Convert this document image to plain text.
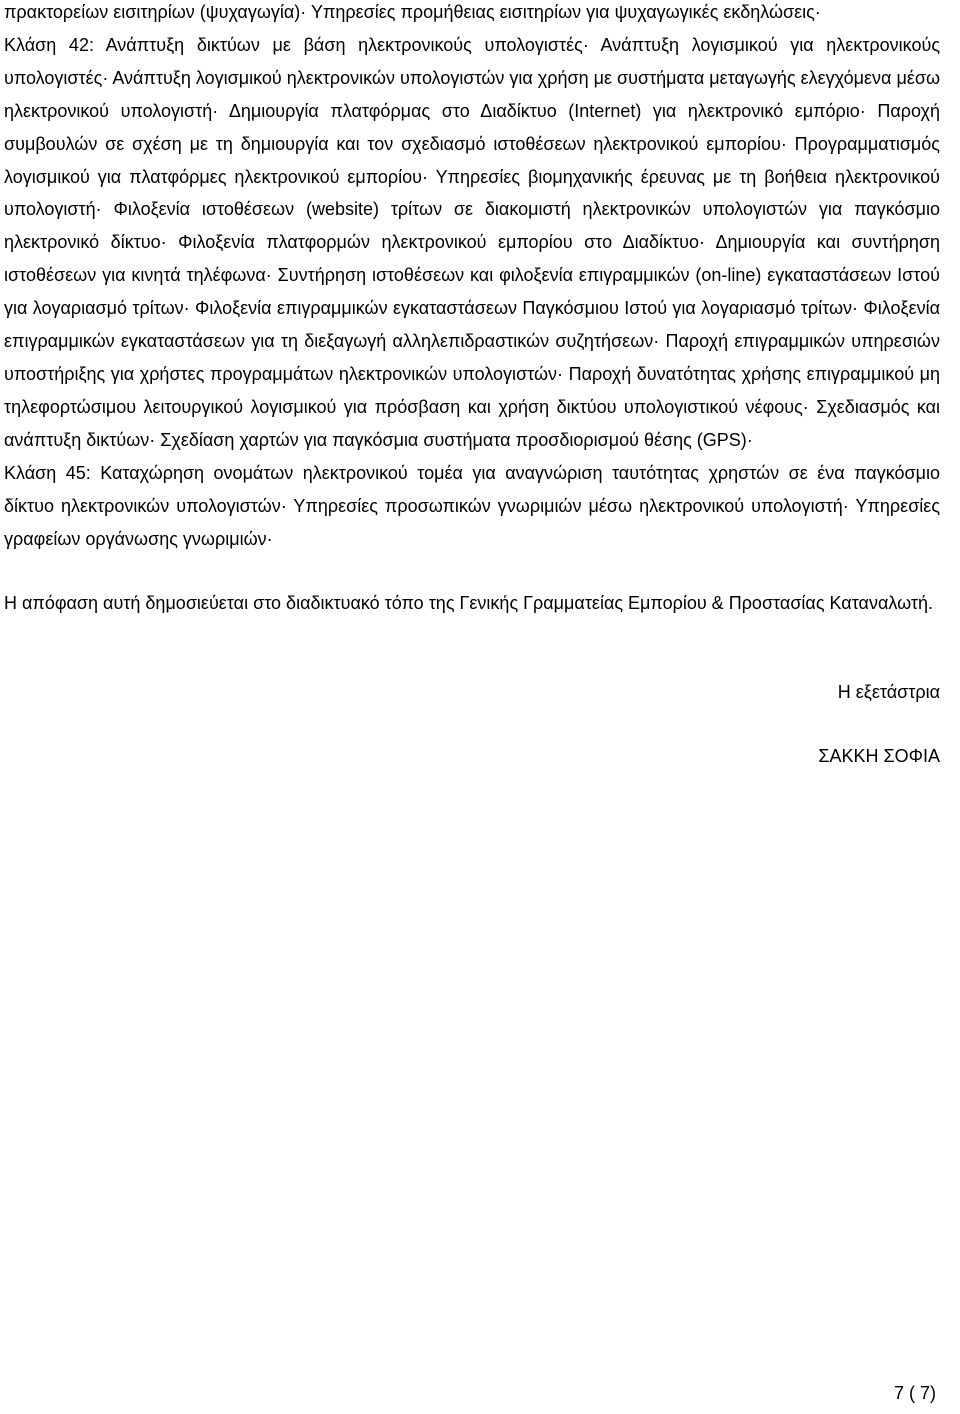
πρακτορείων εισιτηρίων (ψυχαγωγία)· Υπηρεσίες προμήθειας εισιτηρίων για ψυχαγωγικές εκδηλώσεις·

Κλάση 42: Ανάπτυξη δικτύων με βάση ηλεκτρονικούς υπολογιστές· Ανάπτυξη λογισμικού για ηλεκτρονικούς υπολογιστές· Ανάπτυξη λογισμικού ηλεκτρονικών υπολογιστών για χρήση με συστήματα μεταγωγής ελεγχόμενα μέσω ηλεκτρονικού υπολογιστή· Δημιουργία πλατφόρμας στο Διαδίκτυο (Internet) για ηλεκτρονικό εμπόριο· Παροχή συμβουλών σε σχέση με τη δημιουργία και τον σχεδιασμό ιστοθέσεων ηλεκτρονικού εμπορίου· Προγραμματισμός λογισμικού για πλατφόρμες ηλεκτρονικού εμπορίου· Υπηρεσίες βιομηχανικής έρευνας με τη βοήθεια ηλεκτρονικού υπολογιστή· Φιλοξενία ιστοθέσεων (website) τρίτων σε διακομιστή ηλεκτρονικών υπολογιστών για παγκόσμιο ηλεκτρονικό δίκτυο· Φιλοξενία πλατφορμών ηλεκτρονικού εμπορίου στο Διαδίκτυο· Δημιουργία και συντήρηση ιστοθέσεων για κινητά τηλέφωνα· Συντήρηση ιστοθέσεων και φιλοξενία επιγραμμικών (on-line) εγκαταστάσεων Ιστού για λογαριασμό τρίτων· Φιλοξενία επιγραμμικών εγκαταστάσεων Παγκόσμιου Ιστού για λογαριασμό τρίτων· Φιλοξενία επιγραμμικών εγκαταστάσεων για τη διεξαγωγή αλληλεπιδραστικών συζητήσεων· Παροχή επιγραμμικών υπηρεσιών υποστήριξης για χρήστες προγραμμάτων ηλεκτρονικών υπολογιστών· Παροχή δυνατότητας χρήσης επιγραμμικού μη τηλεφορτώσιμου λειτουργικού λογισμικού για πρόσβαση και χρήση δικτύου υπολογιστικού νέφους· Σχεδιασμός και ανάπτυξη δικτύων· Σχεδίαση χαρτών για παγκόσμια συστήματα προσδιορισμού θέσης (GPS)·

Κλάση 45: Καταχώρηση ονομάτων ηλεκτρονικού τομέα για αναγνώριση ταυτότητας χρηστών σε ένα παγκόσμιο δίκτυο ηλεκτρονικών υπολογιστών· Υπηρεσίες προσωπικών γνωριμιών μέσω ηλεκτρονικού υπολογιστή· Υπηρεσίες γραφείων οργάνωσης γνωριμιών·

Η απόφαση αυτή δημοσιεύεται στο διαδικτυακό τόπο της Γενικής Γραμματείας Εμπορίου & Προστασίας Καταναλωτή.

Η εξετάστρια

ΣΑΚΚΗ ΣΟΦΙΑ

7 ( 7)
